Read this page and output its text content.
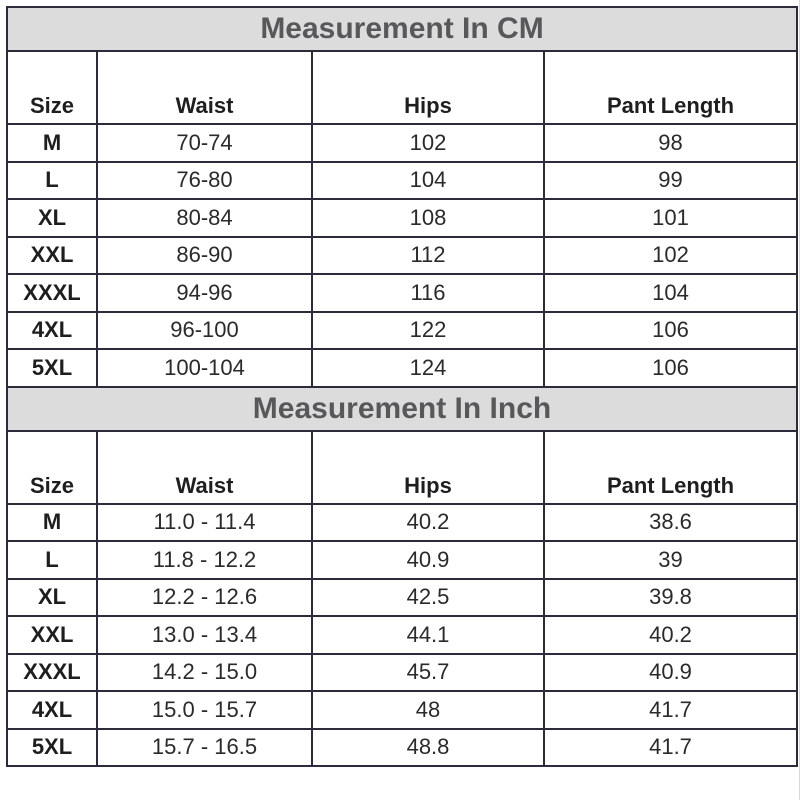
Measurement In CM			
Size	Waist	Hips	Pant Length
M	70-74	102	98
L	76-80	104	99
XL	80-84	108	101
XXL	86-90	112	102
XXXL	94-96	116	104
4XL	96-100	122	106
5XL	100-104	124	106
Measurement In Inch			
Size	Waist	Hips	Pant Length
M	11.0 - 11.4	40.2	38.6
L	11.8 - 12.2	40.9	39
XL	12.2 - 12.6	42.5	39.8
XXL	13.0 - 13.4	44.1	40.2
XXXL	14.2 - 15.0	45.7	40.9
4XL	15.0 - 15.7	48	41.7
5XL	15.7 - 16.5	48.8	41.7
